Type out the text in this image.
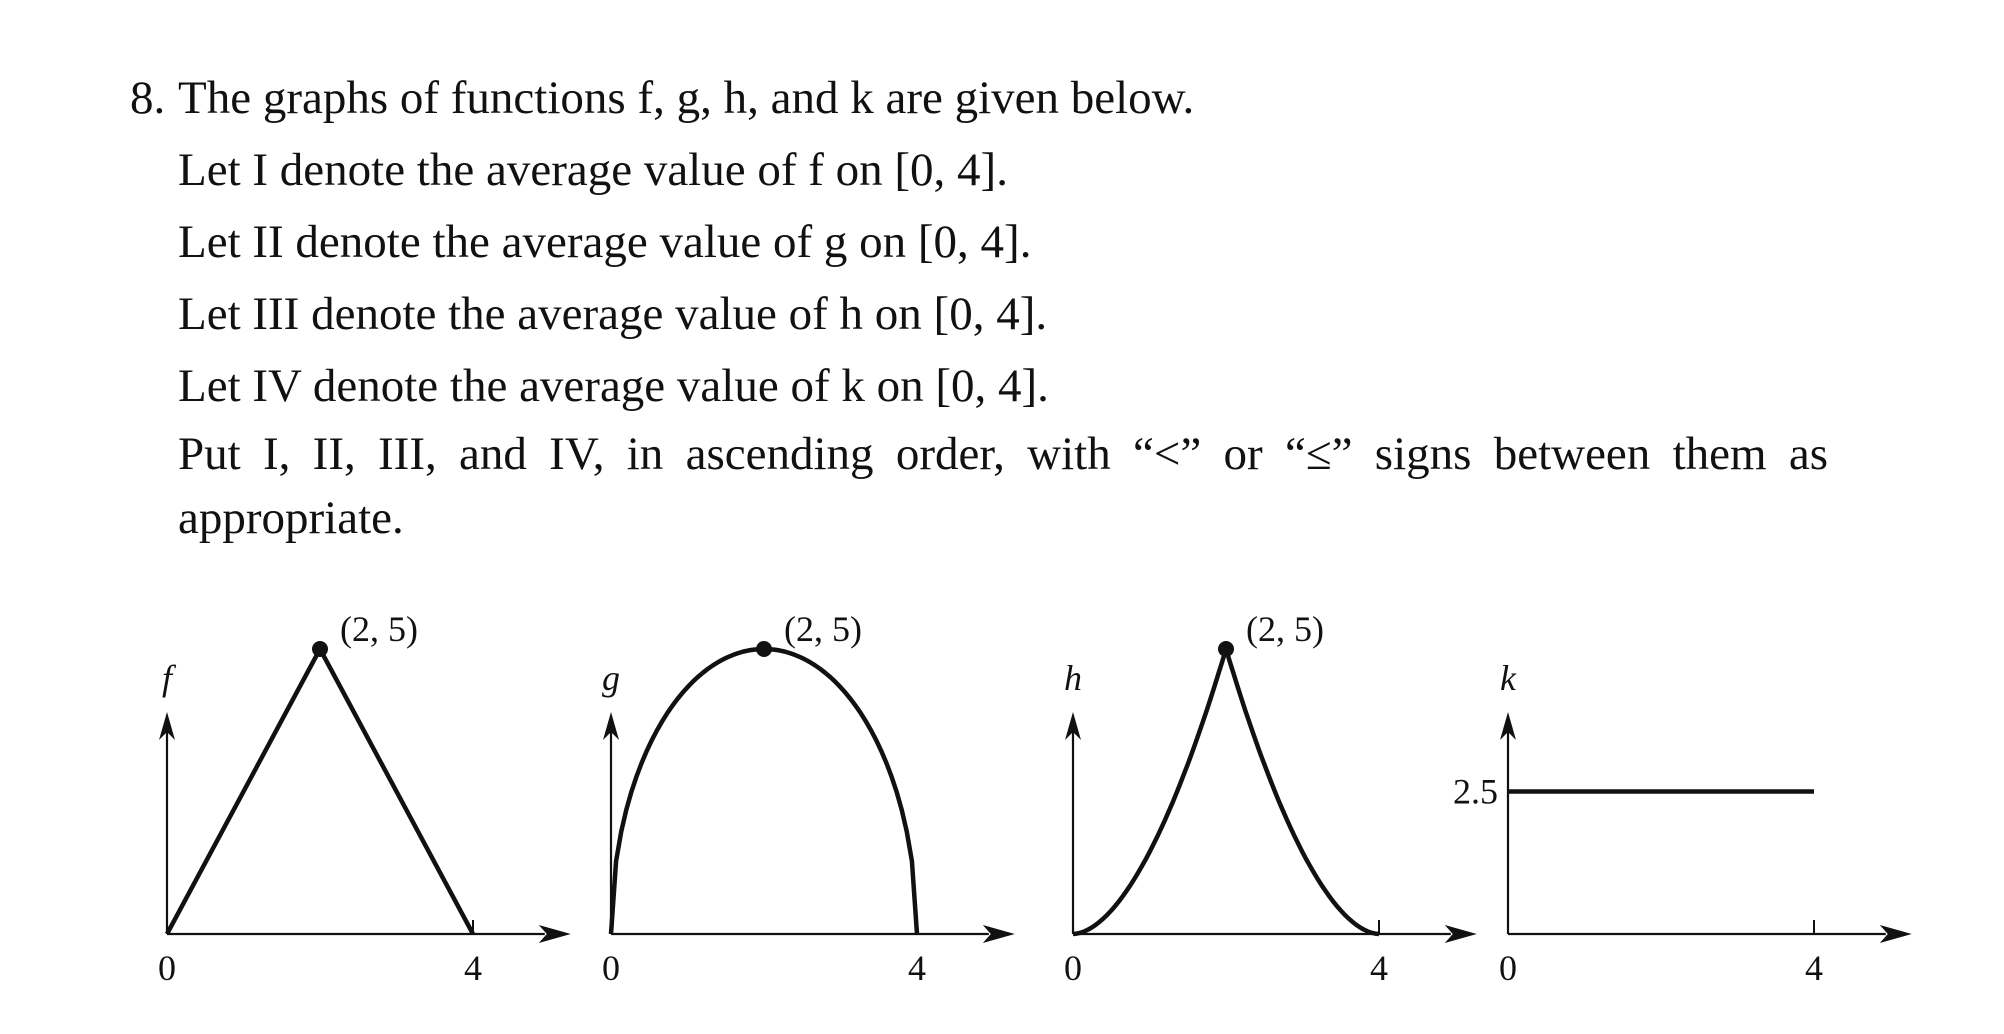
8. The graphs of functions f, g, h, and k are given below.
Let I denote the average value of f on [0, 4].
Let II denote the average value of g on [0, 4].
Let III denote the average value of h on [0, 4].
Let IV denote the average value of k on [0, 4].
Put I, II, III, and IV, in ascending order, with “<” or “≤” signs between them as appropriate.
f
0	4
(2, 5)
g
0	4
(2, 5)
h
0	4
(2, 5)
k
0	4
2.5
